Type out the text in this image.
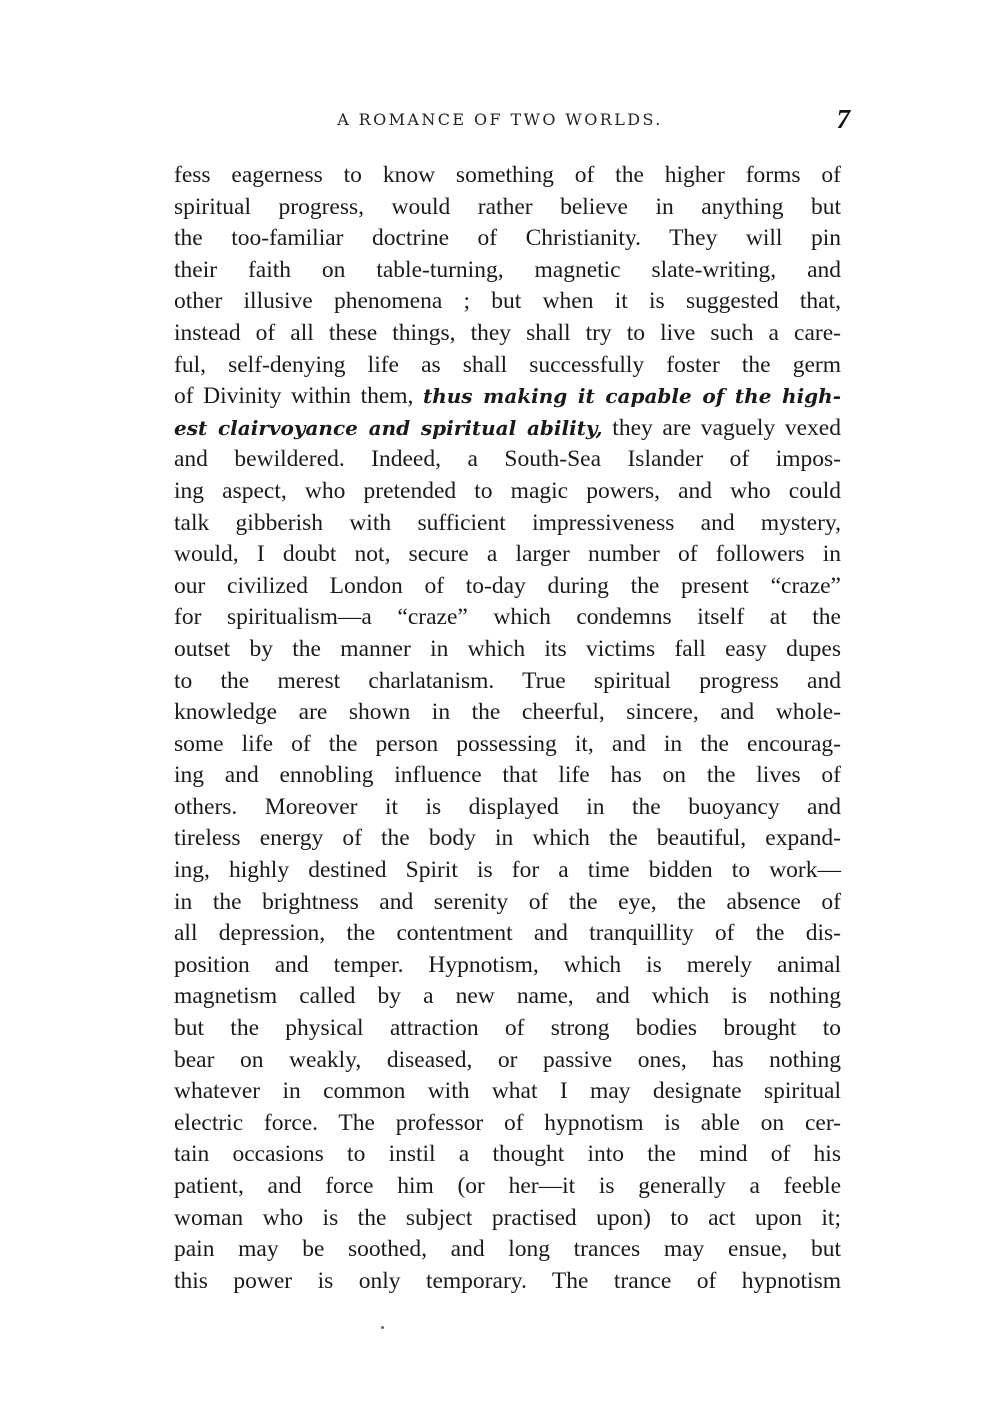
A ROMANCE OF TWO WORLDS.	7
fess eagerness to know something of the higher forms of
spiritual progress, would rather believe in anything but
the too-familiar doctrine of Christianity. They will pin
their faith on table-turning, magnetic slate-writing, and
other illusive phenomena ; but when it is suggested that,
instead of all these things, they shall try to live such a care-
ful, self-denying life as shall successfully foster the germ
of Divinity within them, thus making it capable of the high-
est clairvoyance and spiritual ability, they are vaguely vexed
and bewildered. Indeed, a South-Sea Islander of impos-
ing aspect, who pretended to magic powers, and who could
talk gibberish with sufficient impressiveness and mystery,
would, I doubt not, secure a larger number of followers in
our civilized London of to-day during the present “craze”
for spiritualism—a “craze” which condemns itself at the
outset by the manner in which its victims fall easy dupes
to the merest charlatanism. True spiritual progress and
knowledge are shown in the cheerful, sincere, and whole-
some life of the person possessing it, and in the encourag-
ing and ennobling influence that life has on the lives of
others. Moreover it is displayed in the buoyancy and
tireless energy of the body in which the beautiful, expand-
ing, highly destined Spirit is for a time bidden to work—
in the brightness and serenity of the eye, the absence of
all depression, the contentment and tranquillity of the dis-
position and temper. Hypnotism, which is merely animal
magnetism called by a new name, and which is nothing
but the physical attraction of strong bodies brought to
bear on weakly, diseased, or passive ones, has nothing
whatever in common with what I may designate spiritual
electric force. The professor of hypnotism is able on cer-
tain occasions to instil a thought into the mind of his
patient, and force him (or her—it is generally a feeble
woman who is the subject practised upon) to act upon it;
pain may be soothed, and long trances may ensue, but
this power is only temporary. The trance of hypnotism
